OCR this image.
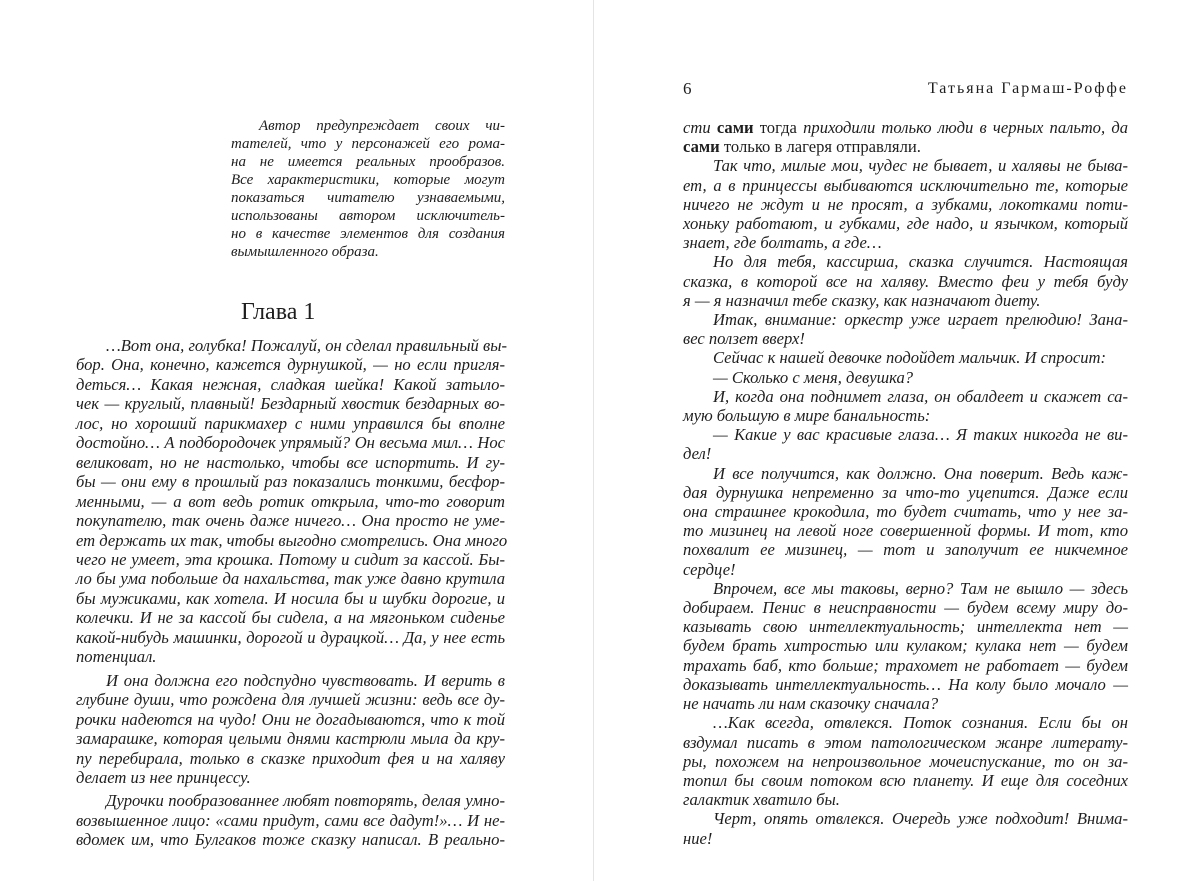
Автор предупреждает своих чи-
тателей, что у персонажей его рома-
на не имеется реальных прообразов.
Все характеристики, которые могут
показаться читателю узнаваемыми,
использованы автором исключитель-
но в качестве элементов для создания
вымышленного образа.
Глава 1
…Вот она, голубка! Пожалуй, он сделал правильный вы-
бор. Она, конечно, кажется дурнушкой, — но если пригля-
деться… Какая нежная, сладкая шейка! Какой затыло-
чек — круглый, плавный! Бездарный хвостик бездарных во-
лос, но хороший парикмахер с ними управился бы вполне
достойно… А подбородочек упрямый? Он весьма мил… Нос
великоват, но не настолько, чтобы все испортить. И гу-
бы — они ему в прошлый раз показались тонкими, бесфор-
менными, — а вот ведь ротик открыла, что-то говорит
покупателю, так очень даже ничего… Она просто не уме-
ет держать их так, чтобы выгодно смотрелись. Она много
чего не умеет, эта крошка. Потому и сидит за кассой. Бы-
ло бы ума побольше да нахальства, так уже давно крутила
бы мужиками, как хотела. И носила бы и шубки дорогие, и
колечки. И не за кассой бы сидела, а на мягоньком сиденье
какой-нибудь машинки, дорогой и дурацкой… Да, у нее есть
потенциал.
И она должна его подспудно чувствовать. И верить в
глубине души, что рождена для лучшей жизни: ведь все ду-
рочки надеются на чудо! Они не догадываются, что к той
замарашке, которая целыми днями кастрюли мыла да кру-
пу перебирала, только в сказке приходит фея и на халяву
делает из нее принцессу.
Дурочки пообразованнее любят повторять, делая умно-
возвышенное лицо: «сами придут, сами все дадут!»… И не-
вдомек им, что Булгаков тоже сказку написал. В реально-
6	Татьяна Гармаш-Роффе
сти сами тогда приходили только люди в черных пальто, да
сами только в лагеря отправляли.
Так что, милые мои, чудес не бывает, и халявы не быва-
ет, а в принцессы выбиваются исключительно те, которые
ничего не ждут и не просят, а зубками, локотками поти-
хоньку работают, и губками, где надо, и язычком, который
знает, где болтать, а где…
Но для тебя, кассирша, сказка случится. Настоящая
сказка, в которой все на халяву. Вместо феи у тебя буду
я — я назначил тебе сказку, как назначают диету.
Итак, внимание: оркестр уже играет прелюдию! Зана-
вес ползет вверх!
Сейчас к нашей девочке подойдет мальчик. И спросит:
— Сколько с меня, девушка?
И, когда она поднимет глаза, он обалдеет и скажет са-
мую большую в мире банальность:
— Какие у вас красивые глаза… Я таких никогда не ви-
дел!
И все получится, как должно. Она поверит. Ведь каж-
дая дурнушка непременно за что-то уцепится. Даже если
она страшнее крокодила, то будет считать, что у нее за-
то мизинец на левой ноге совершенной формы. И тот, кто
похвалит ее мизинец, — тот и заполучит ее никчемное
сердце!
Впрочем, все мы таковы, верно? Там не вышло — здесь
добираем. Пенис в неисправности — будем всему миру до-
казывать свою интеллектуальность; интеллекта нет —
будем брать хитростью или кулаком; кулака нет — будем
трахать баб, кто больше; трахомет не работает — будем
доказывать интеллектуальность… На колу было мочало —
не начать ли нам сказочку сначала?
…Как всегда, отвлекся. Поток сознания. Если бы он
вздумал писать в этом патологическом жанре литерату-
ры, похожем на непроизвольное мочеиспускание, то он за-
топил бы своим потоком всю планету. И еще для соседних
галактик хватило бы.
Черт, опять отвлекся. Очередь уже подходит! Внима-
ние!
